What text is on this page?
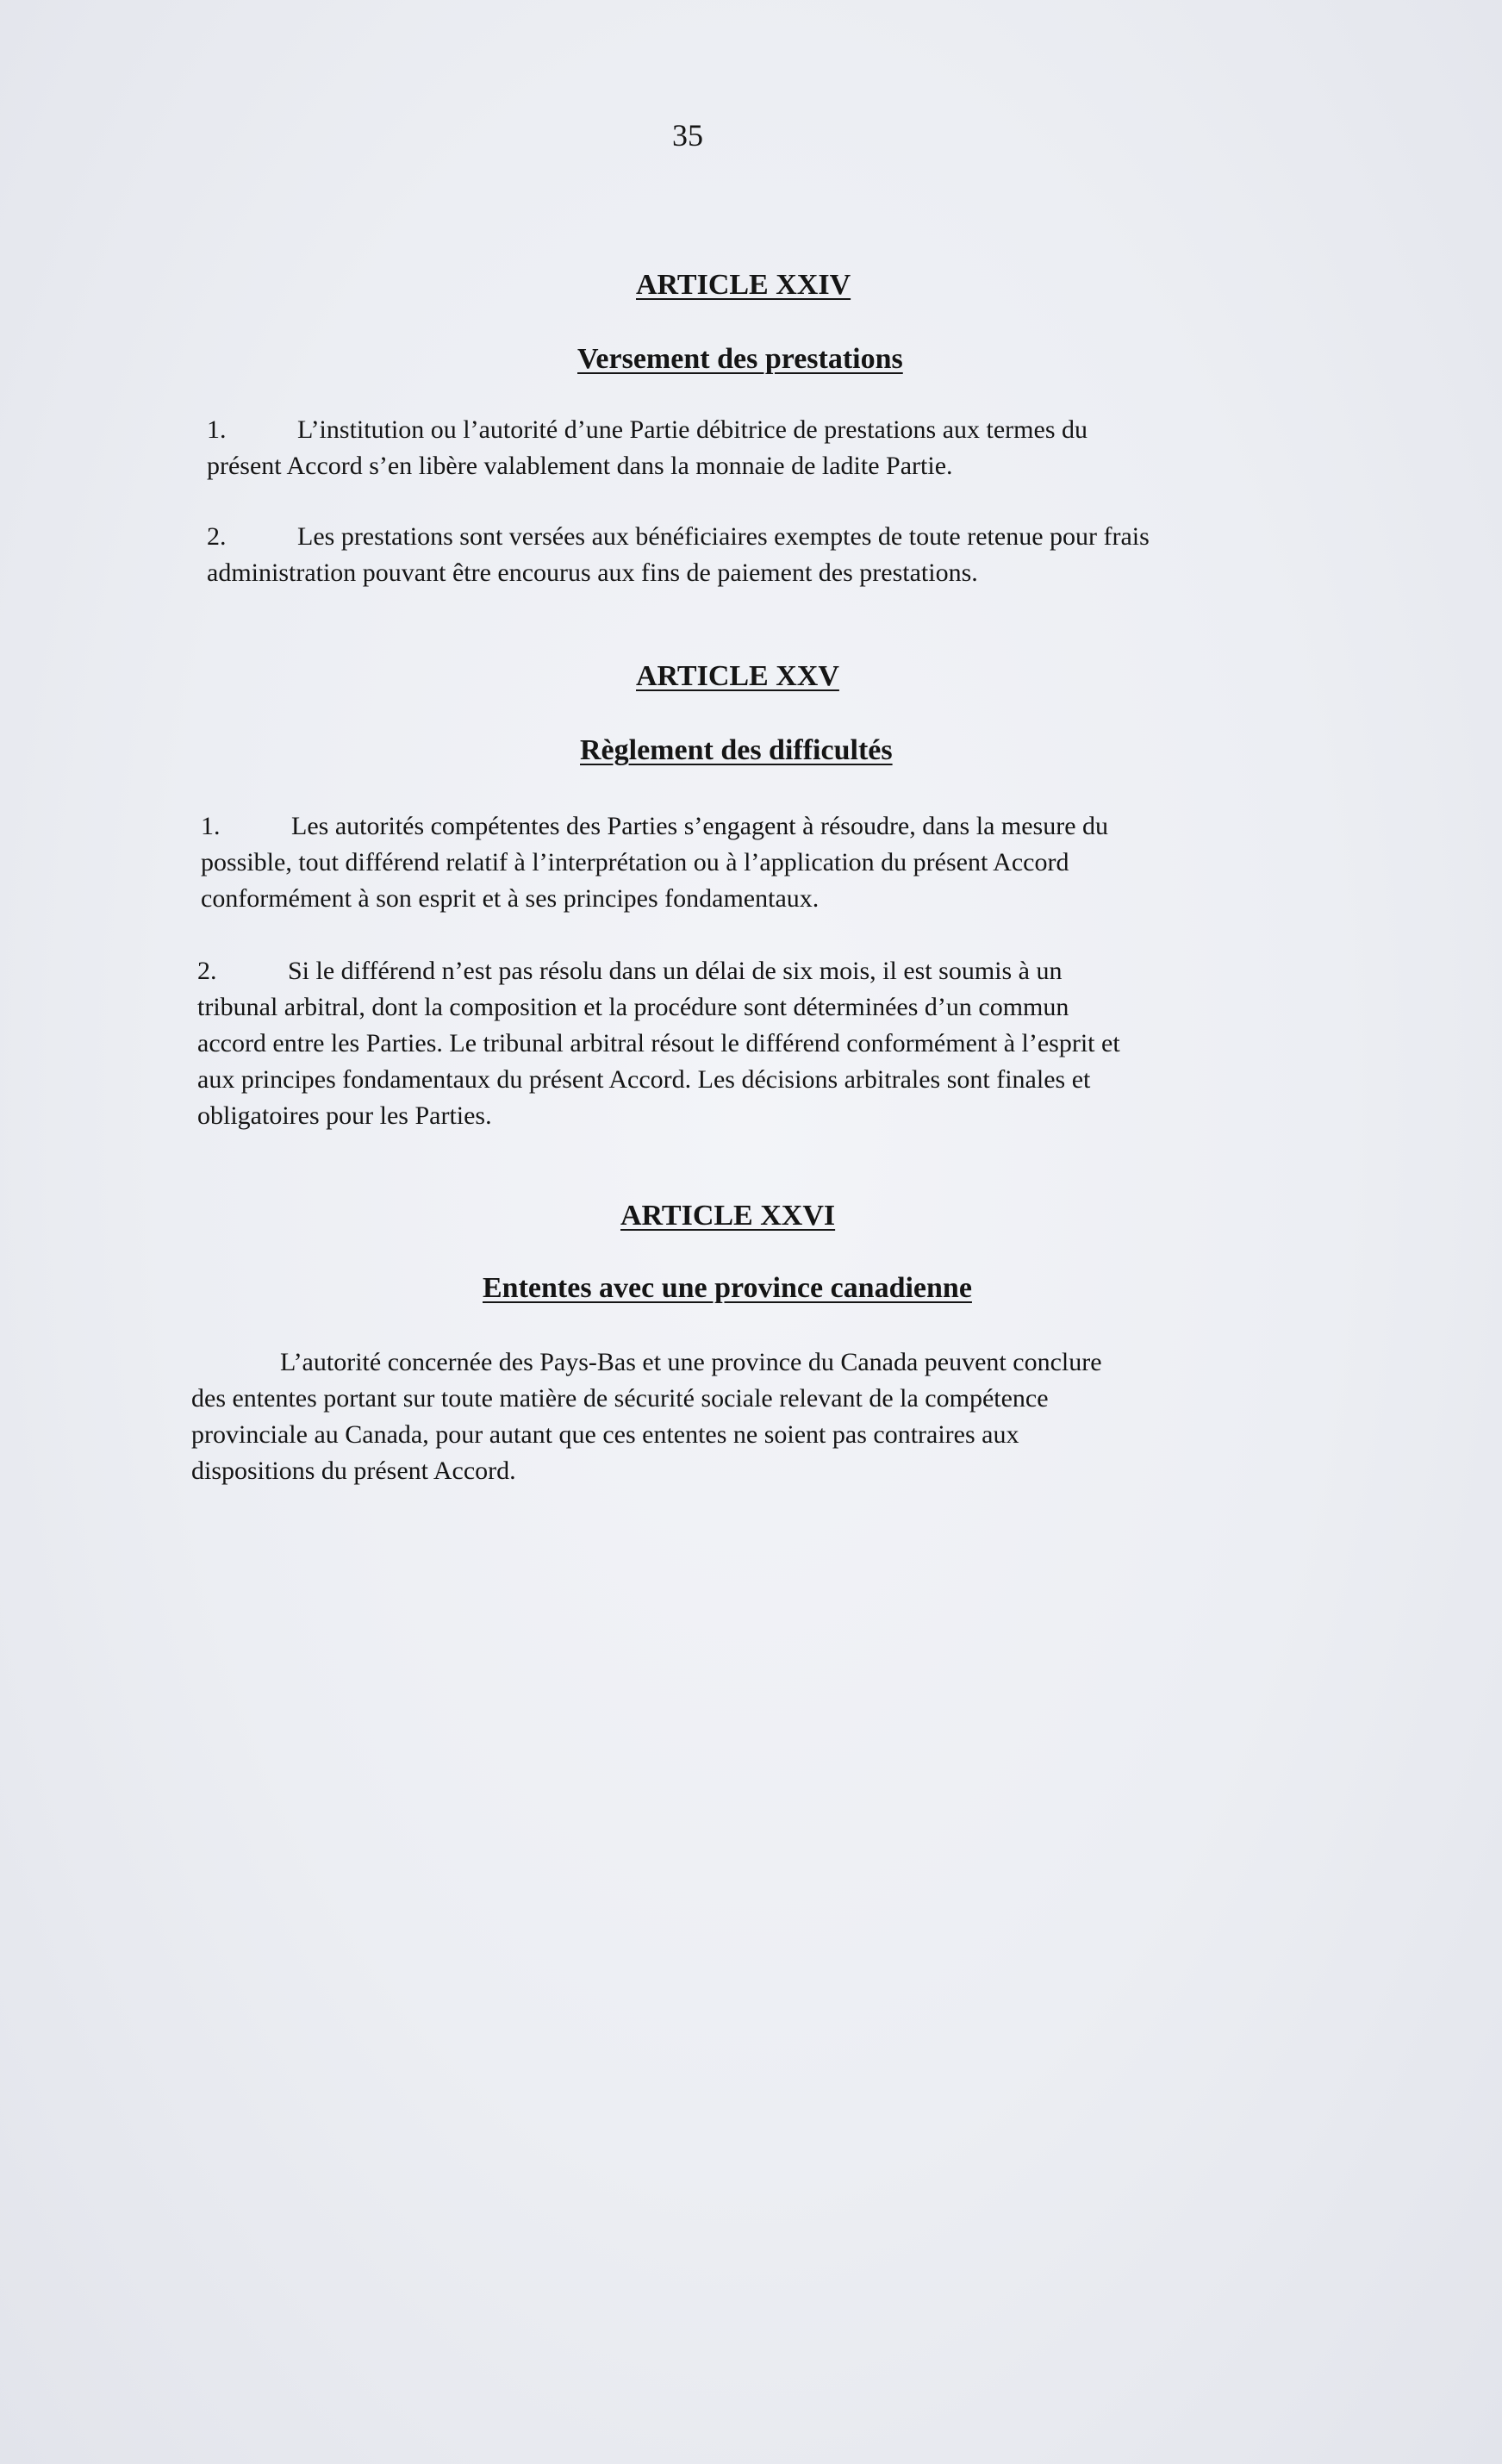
35
ARTICLE XXIV
Versement des prestations
1.	L’institution ou l’autorité d’une Partie débitrice de prestations aux termes du
présent Accord s’en libère valablement dans la monnaie de ladite Partie.
2.	Les prestations sont versées aux bénéficiaires exemptes de toute retenue pour frais
administration pouvant être encourus aux fins de paiement des prestations.
ARTICLE XXV
Règlement des difficultés
1.	Les autorités compétentes des Parties s’engagent à résoudre, dans la mesure du
possible, tout différend relatif à l’interprétation ou à l’application du présent Accord
conformément à son esprit et à ses principes fondamentaux.
2.	Si le différend n’est pas résolu dans un délai de six mois, il est soumis à un
tribunal arbitral, dont la composition et la procédure sont déterminées d’un commun
accord entre les Parties. Le tribunal arbitral résout le différend conformément à l’esprit et
aux principes fondamentaux du présent Accord. Les décisions arbitrales sont finales et
obligatoires pour les Parties.
ARTICLE XXVI
Ententes avec une province canadienne
L’autorité concernée des Pays-Bas et une province du Canada peuvent conclure
des ententes portant sur toute matière de sécurité sociale relevant de la compétence
provinciale au Canada, pour autant que ces ententes ne soient pas contraires aux
dispositions du présent Accord.
